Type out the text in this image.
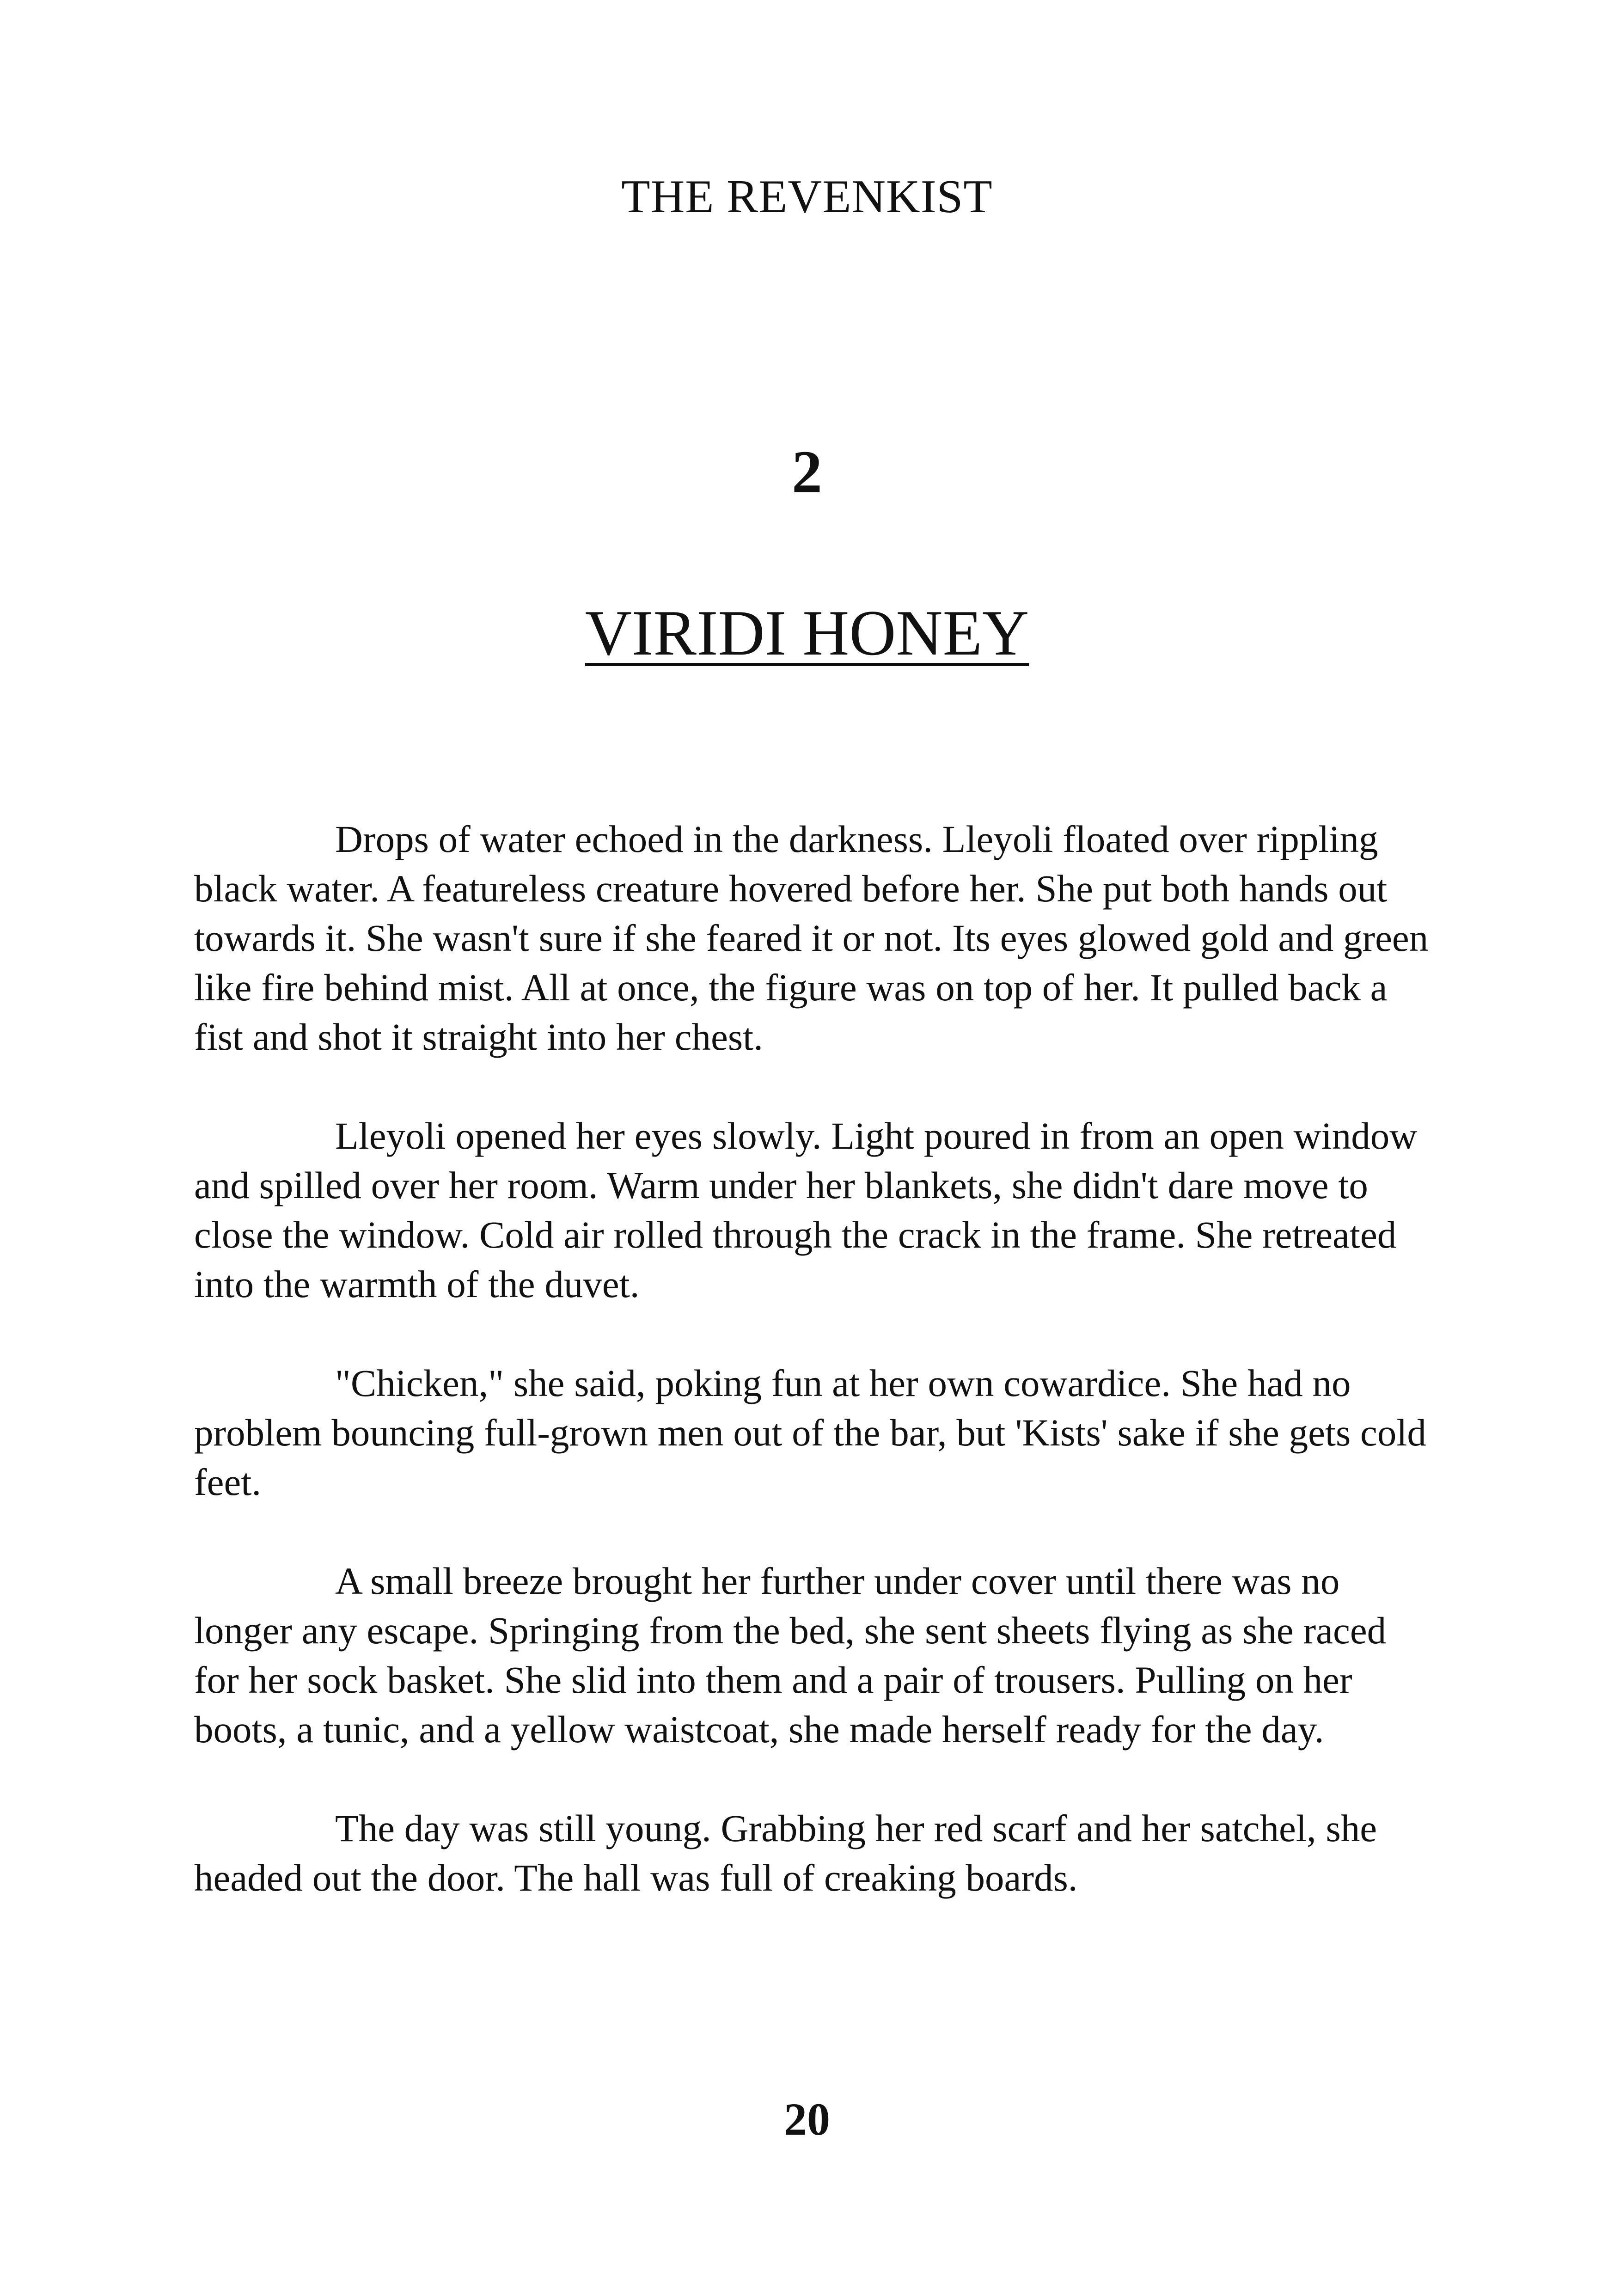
THE REVENKIST
2
VIRIDI HONEY

Drops of water echoed in the darkness. Lleyoli floated over rippling black water. A featureless creature hovered before her. She put both hands out towards it. She wasn't sure if she feared it or not. Its eyes glowed gold and green like fire behind mist. All at once, the figure was on top of her. It pulled back a fist and shot it straight into her chest.

Lleyoli opened her eyes slowly. Light poured in from an open window and spilled over her room. Warm under her blankets, she didn't dare move to close the window. Cold air rolled through the crack in the frame. She retreated into the warmth of the duvet.

"Chicken," she said, poking fun at her own cowardice. She had no problem bouncing full-grown men out of the bar, but 'Kists' sake if she gets cold feet.

A small breeze brought her further under cover until there was no longer any escape. Springing from the bed, she sent sheets flying as she raced for her sock basket. She slid into them and a pair of trousers. Pulling on her boots, a tunic, and a yellow waistcoat, she made herself ready for the day.

The day was still young. Grabbing her red scarf and her satchel, she headed out the door. The hall was full of creaking boards.

20
